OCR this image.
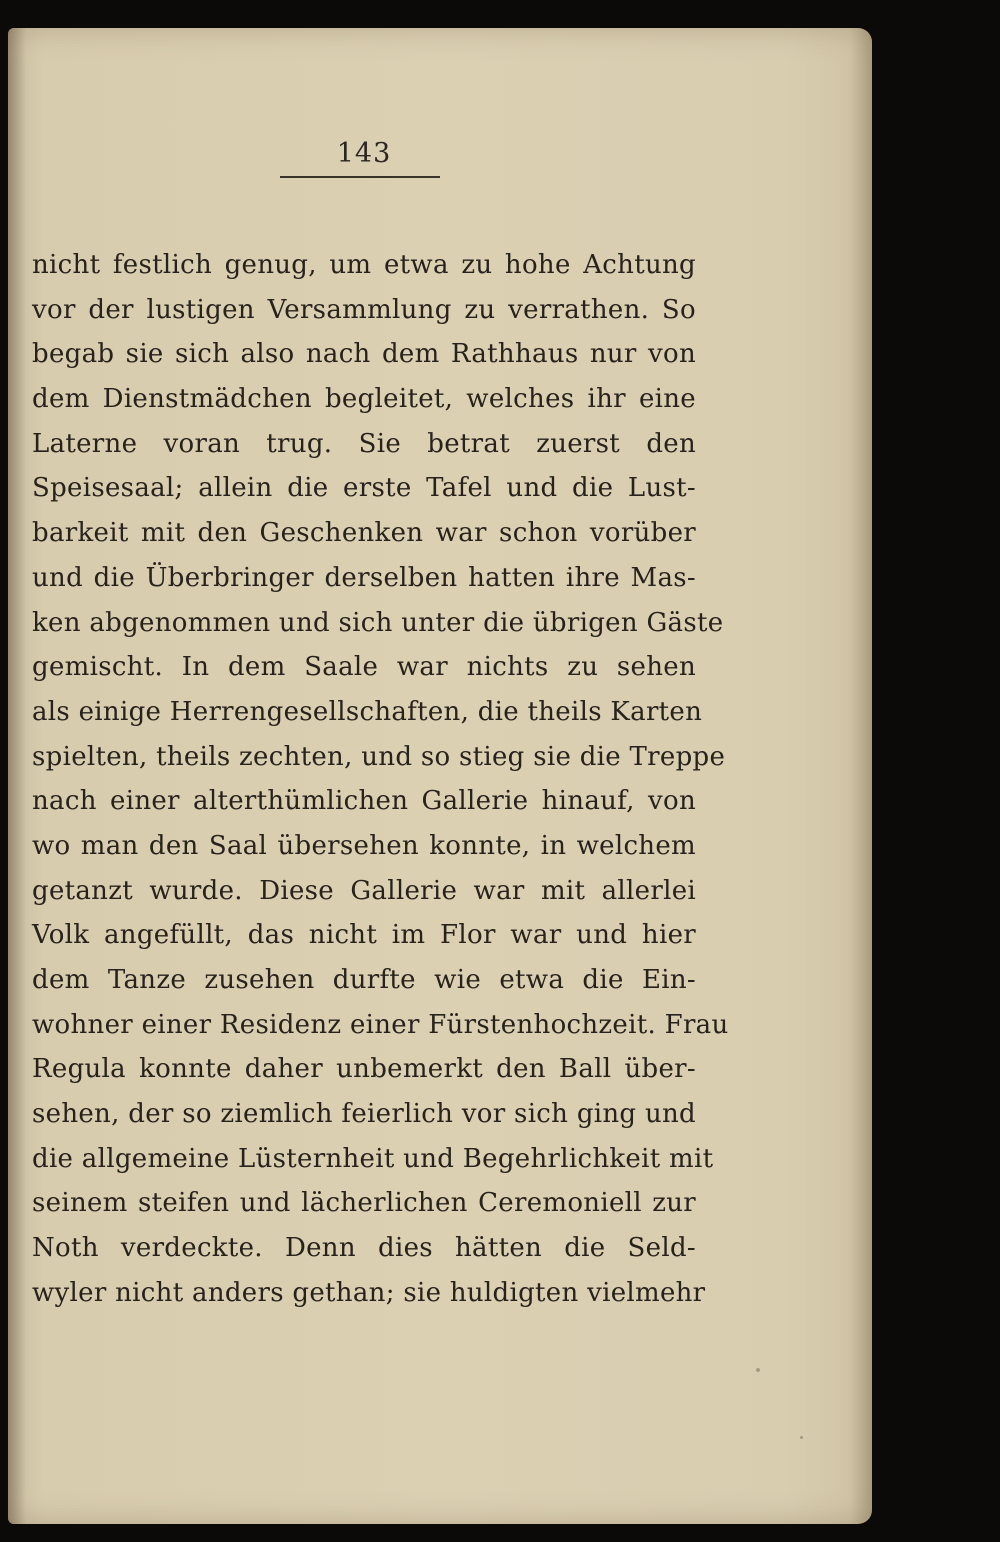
143
nicht festlich genug, um etwa zu hohe Achtung
vor der lustigen Versammlung zu verrathen. So
begab sie sich also nach dem Rathhaus nur von
dem Dienstmädchen begleitet, welches ihr eine
Laterne voran trug. Sie betrat zuerst den
Speisesaal; allein die erste Tafel und die Lust-
barkeit mit den Geschenken war schon vorüber
und die Überbringer derselben hatten ihre Mas-
ken abgenommen und sich unter die übrigen Gäste
gemischt. In dem Saale war nichts zu sehen
als einige Herrengesellschaften, die theils Karten
spielten, theils zechten, und so stieg sie die Treppe
nach einer alterthümlichen Gallerie hinauf, von
wo man den Saal übersehen konnte, in welchem
getanzt wurde. Diese Gallerie war mit allerlei
Volk angefüllt, das nicht im Flor war und hier
dem Tanze zusehen durfte wie etwa die Ein-
wohner einer Residenz einer Fürstenhochzeit. Frau
Regula konnte daher unbemerkt den Ball über-
sehen, der so ziemlich feierlich vor sich ging und
die allgemeine Lüsternheit und Begehrlichkeit mit
seinem steifen und lächerlichen Ceremoniell zur
Noth verdeckte. Denn dies hätten die Seld-
wyler nicht anders gethan; sie huldigten vielmehr
